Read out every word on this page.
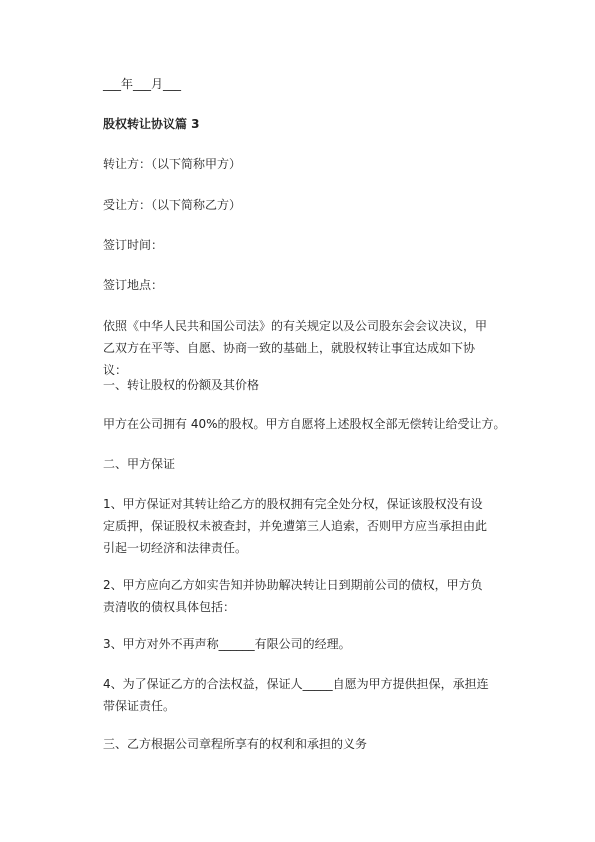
___年___月___
股权转让协议篇 3
转让方：（以下简称甲方）
受让方：（以下简称乙方）
签订时间：
签订地点：
依照《中华人民共和国公司法》的有关规定以及公司股东会会议决议，甲乙双方在平等、自愿、协商一致的基础上，就股权转让事宜达成如下协议：
一、转让股权的份额及其价格
甲方在公司拥有 40%的股权。甲方自愿将上述股权全部无偿转让给受让方。
二、甲方保证
1、甲方保证对其转让给乙方的股权拥有完全处分权，保证该股权没有设定质押，保证股权未被查封，并免遭第三人追索，否则甲方应当承担由此引起一切经济和法律责任。
2、甲方应向乙方如实告知并协助解决转让日到期前公司的债权，甲方负责清收的债权具体包括：
3、甲方对外不再声称______有限公司的经理。
4、为了保证乙方的合法权益，保证人_____自愿为甲方提供担保，承担连带保证责任。
三、乙方根据公司章程所享有的权利和承担的义务
